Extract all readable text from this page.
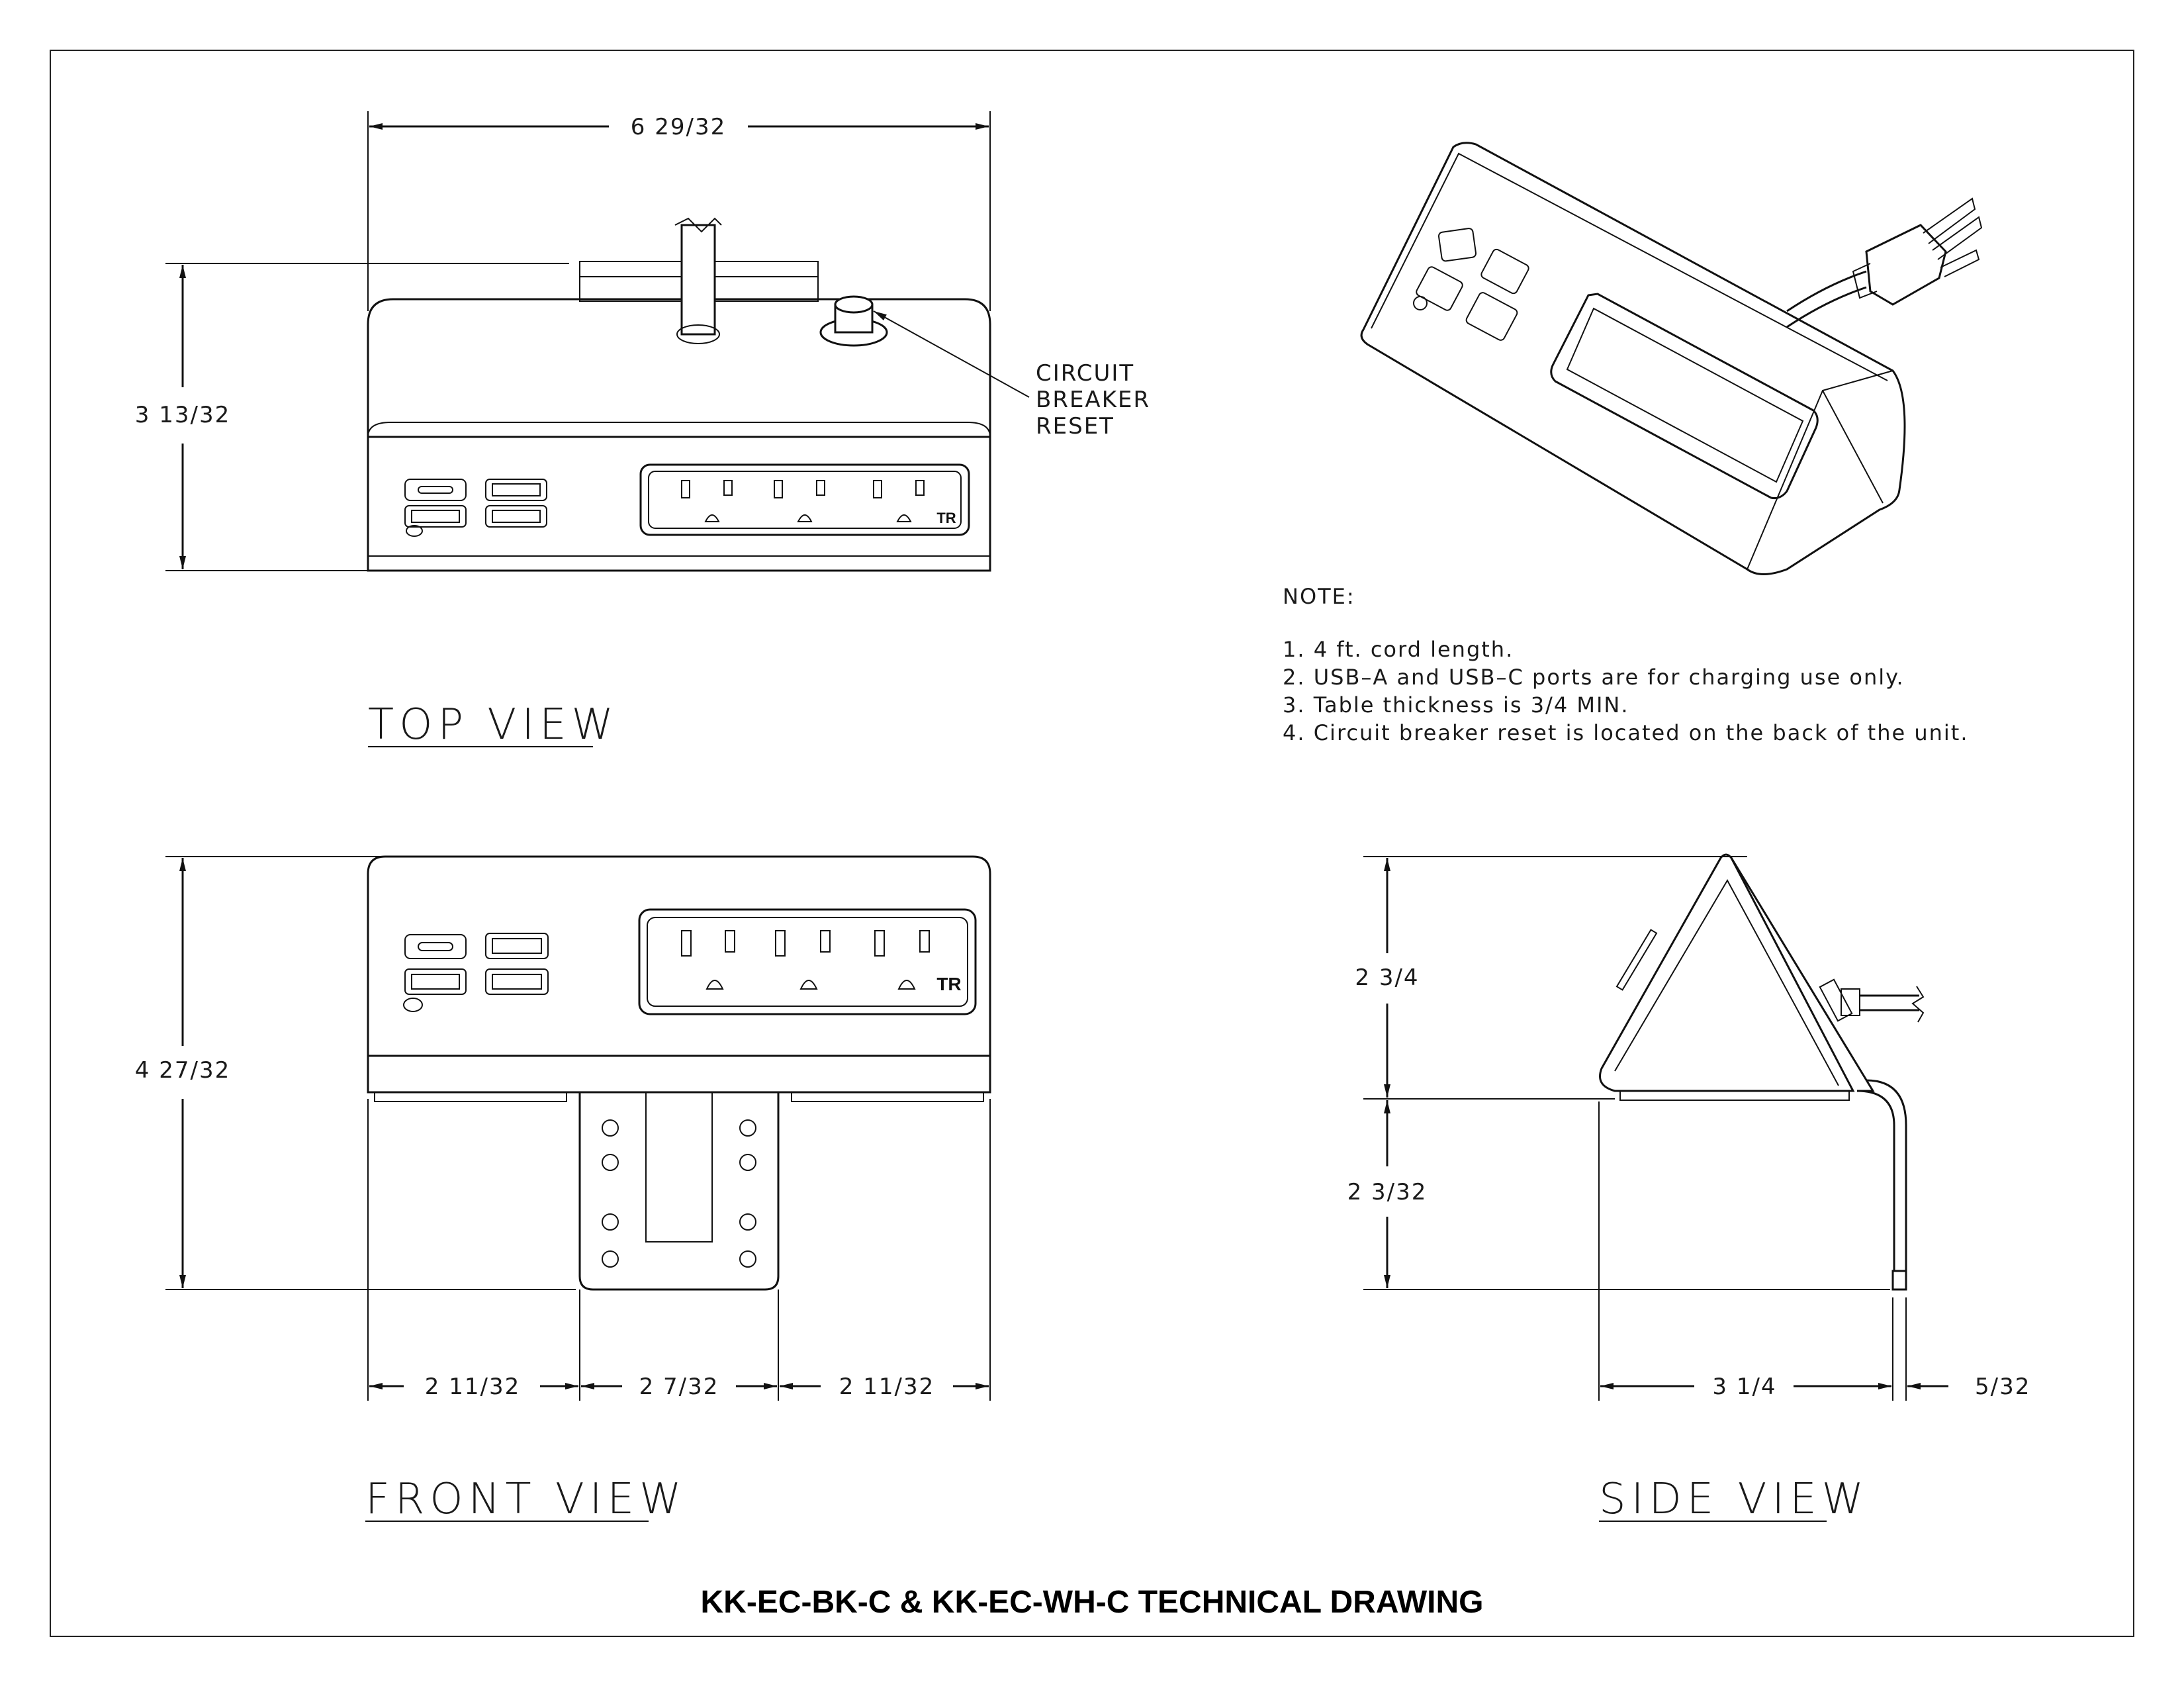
6 29/32
3 13/32
CIRCUIT
BREAKER
RESET
TR
TOP VIEW
NOTE:
1. 4 ft. cord length.
2. USB–A and USB–C ports are for charging use only.
3. Table thickness is 3/4 MIN.
4. Circuit breaker reset is located on the back of the unit.
4 27/32
TR
2 11/32	2 7/32	2 11/32
FRONT VIEW
2 3/4
2 3/32
3 1/4	5/32
SIDE VIEW
KK-EC-BK-C & KK-EC-WH-C TECHNICAL DRAWING
